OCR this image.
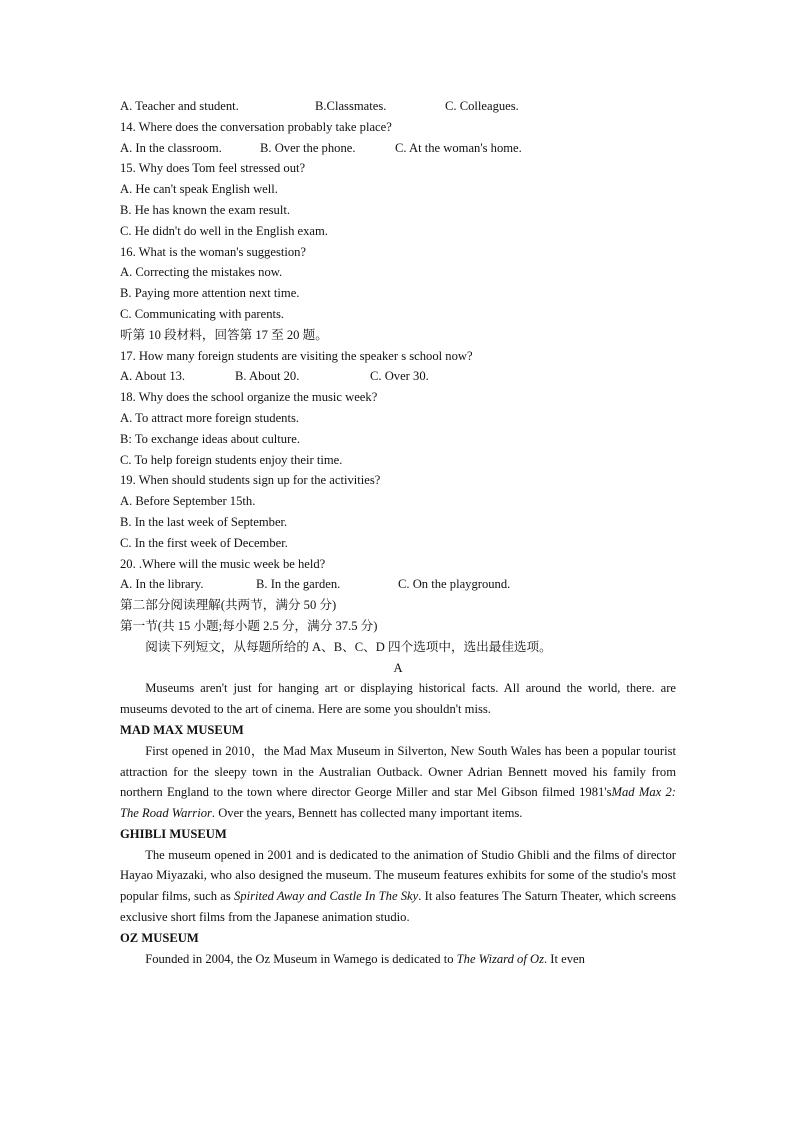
A. Teacher and student.	B.Classmates.	C. Colleagues.
14. Where does the conversation probably take place?
A. In the classroom.	B. Over the phone.	C. At the woman's home.
15. Why does Tom feel stressed out?
A. He can't speak English well.
B. He has known the exam result.
C. He didn't do well in the English exam.
16. What is the woman's suggestion?
A. Correcting the mistakes now.
B. Paying more attention next time.
C. Communicating with parents.
听第 10 段材料，回答第 17 至 20 题。
17. How many foreign students are visiting the speaker s school now?
A. About 13.	B. About 20.	C. Over 30.
18. Why does the school organize the music week?
A. To attract more foreign students.
B: To exchange ideas about culture.
C. To help foreign students enjoy their time.
19. When should students sign up for the activities?
A. Before September 15th.
B. In the last week of September.
C. In the first week of December.
20. .Where will the music week be held?
A. In the library.	B. In the garden.	C. On the playground.
第二部分阅读理解(共两节，满分 50 分)
第一节(共 15 小题;每小题 2.5 分，满分 37.5 分)
阅读下列短文，从每题所给的 A、B、C、D 四个选项中，选出最佳选项。
A
Museums aren't just for hanging art or displaying historical facts. All around the world, there. are museums devoted to the art of cinema. Here are some you shouldn't miss.
MAD MAX MUSEUM
First opened in 2010，the Mad Max Museum in Silverton, New South Wales has been a popular tourist attraction for the sleepy town in the Australian Outback. Owner Adrian Bennett moved his family from northern England to the town where director George Miller and star Mel Gibson filmed 1981'sMad Max 2: The Road Warrior. Over the years, Bennett has collected many important items.
GHIBLI MUSEUM
The museum opened in 2001 and is dedicated to the animation of Studio Ghibli and the films of director Hayao Miyazaki, who also designed the museum. The museum features exhibits for some of the studio's most popular films, such as Spirited Away and Castle In The Sky. It also features The Saturn Theater, which screens exclusive short films from the Japanese animation studio.
OZ MUSEUM
Founded in 2004, the Oz Museum in Wamego is dedicated to The Wizard of Oz. It even
